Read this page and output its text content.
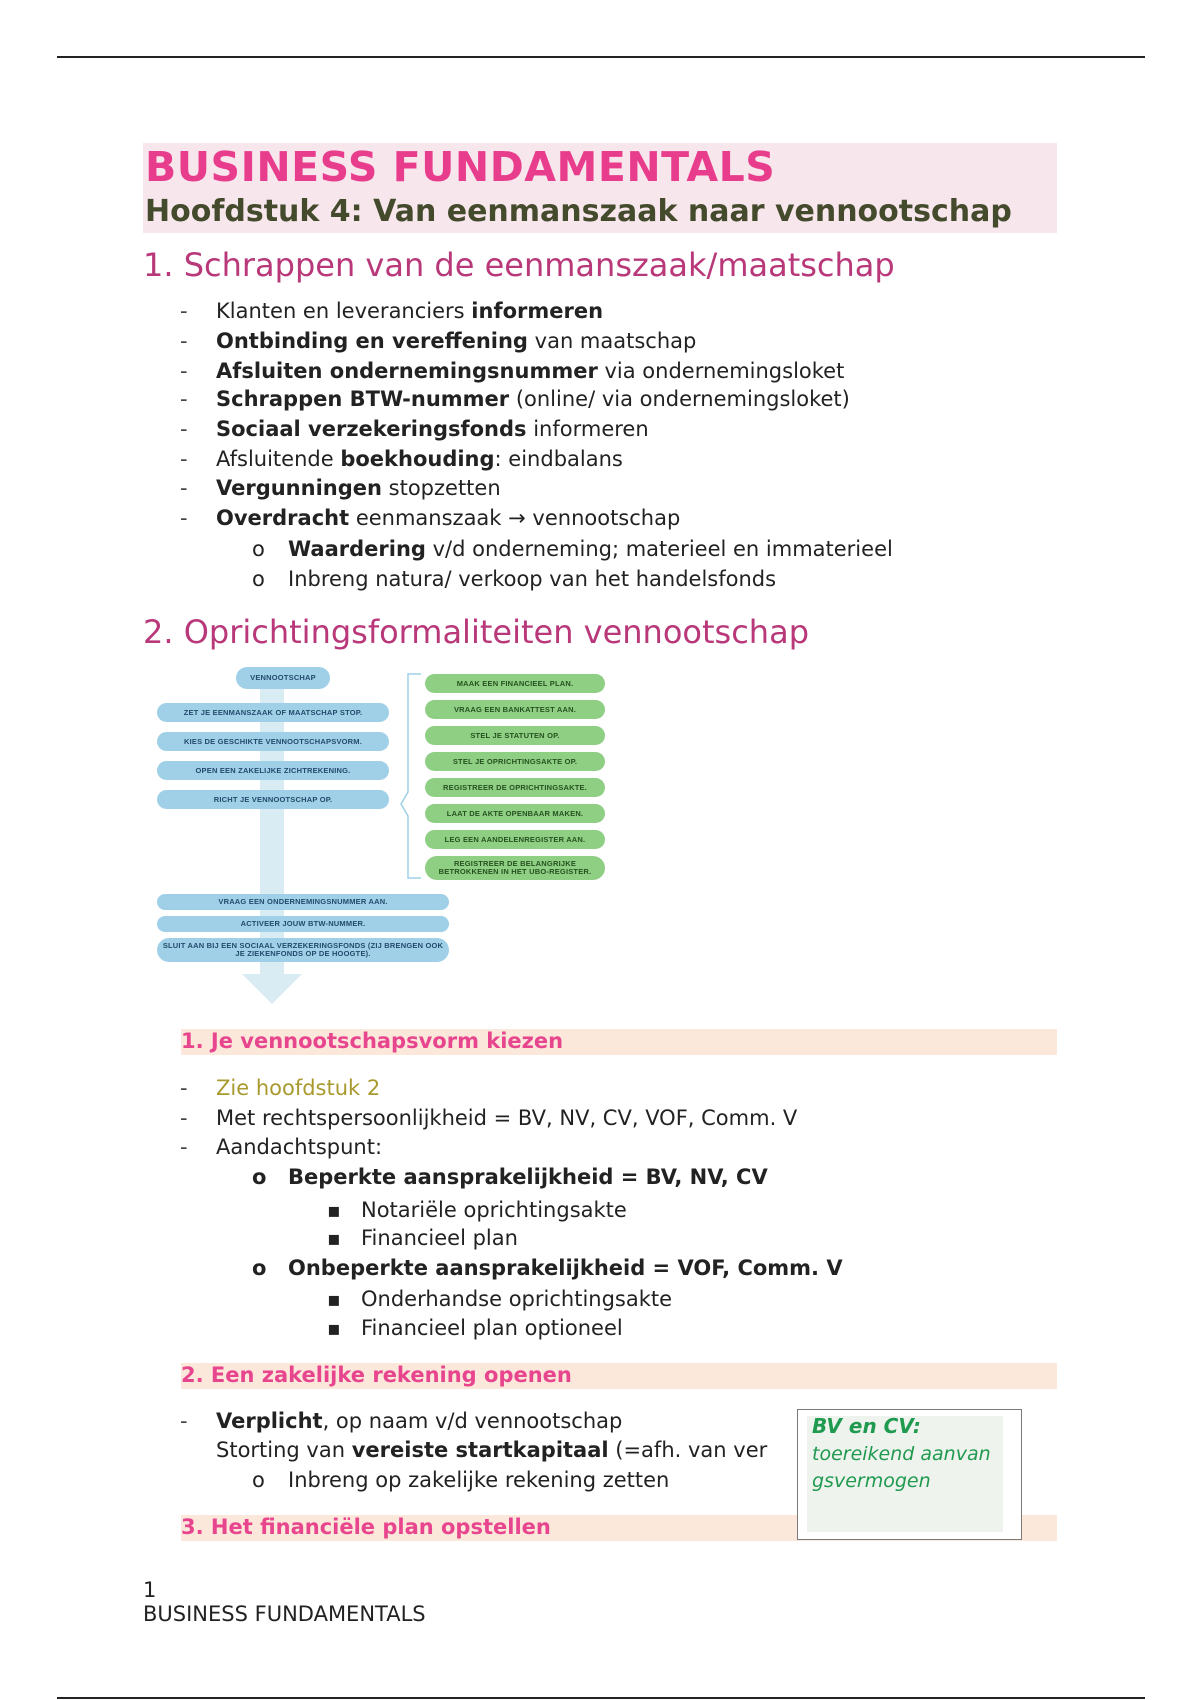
BUSINESS FUNDAMENTALS
Hoofdstuk 4: Van eenmanszaak naar vennootschap
1. Schrappen van de eenmanszaak/maatschap
- Klanten en leveranciers informeren
- Ontbinding en vereffening van maatschap
- Afsluiten ondernemingsnummer via ondernemingsloket
- Schrappen BTW-nummer (online/ via ondernemingsloket)
- Sociaal verzekeringsfonds informeren
- Afsluitende boekhouding: eindbalans
- Vergunningen stopzetten
- Overdracht eenmanszaak → vennootschap
o Waardering v/d onderneming; materieel en immaterieel
o Inbreng natura/ verkoop van het handelsfonds
2. Oprichtingsformaliteiten vennootschap
VENNOOTSCHAP
ZET JE EENMANSZAAK OF MAATSCHAP STOP.
KIES DE GESCHIKTE VENNOOTSCHAPSVORM.
OPEN EEN ZAKELIJKE ZICHTREKENING.
RICHT JE VENNOOTSCHAP OP.
MAAK EEN FINANCIEEL PLAN.
VRAAG EEN BANKATTEST AAN.
STEL JE STATUTEN OP.
STEL JE OPRICHTINGSAKTE OP.
REGISTREER DE OPRICHTINGSAKTE.
LAAT DE AKTE OPENBAAR MAKEN.
LEG EEN AANDELENREGISTER AAN.
REGISTREER DE BELANGRIJKE BETROKKENEN IN HET UBO-REGISTER.
VRAAG EEN ONDERNEMINGSNUMMER AAN.
ACTIVEER JOUW BTW-NUMMER.
SLUIT AAN BIJ EEN SOCIAAL VERZEKERINGSFONDS (ZIJ BRENGEN OOK JE ZIEKENFONDS OP DE HOOGTE).
1. Je vennootschapsvorm kiezen
- Zie hoofdstuk 2
- Met rechtspersoonlijkheid = BV, NV, CV, VOF, Comm. V
- Aandachtspunt:
o Beperkte aansprakelijkheid = BV, NV, CV
▪ Notariële oprichtingsakte
▪ Financieel plan
o Onbeperkte aansprakelijkheid = VOF, Comm. V
▪ Onderhandse oprichtingsakte
▪ Financieel plan optioneel
2. Een zakelijke rekening openen
- Verplicht, op naam v/d vennootschap
- Storting van vereiste startkapitaal (=afh. van ver
o Inbreng op zakelijke rekening zetten
3. Het financiële plan opstellen

BV en CV:

toereikend aanvangsvermogen

1

BUSINESS FUNDAMENTALS
